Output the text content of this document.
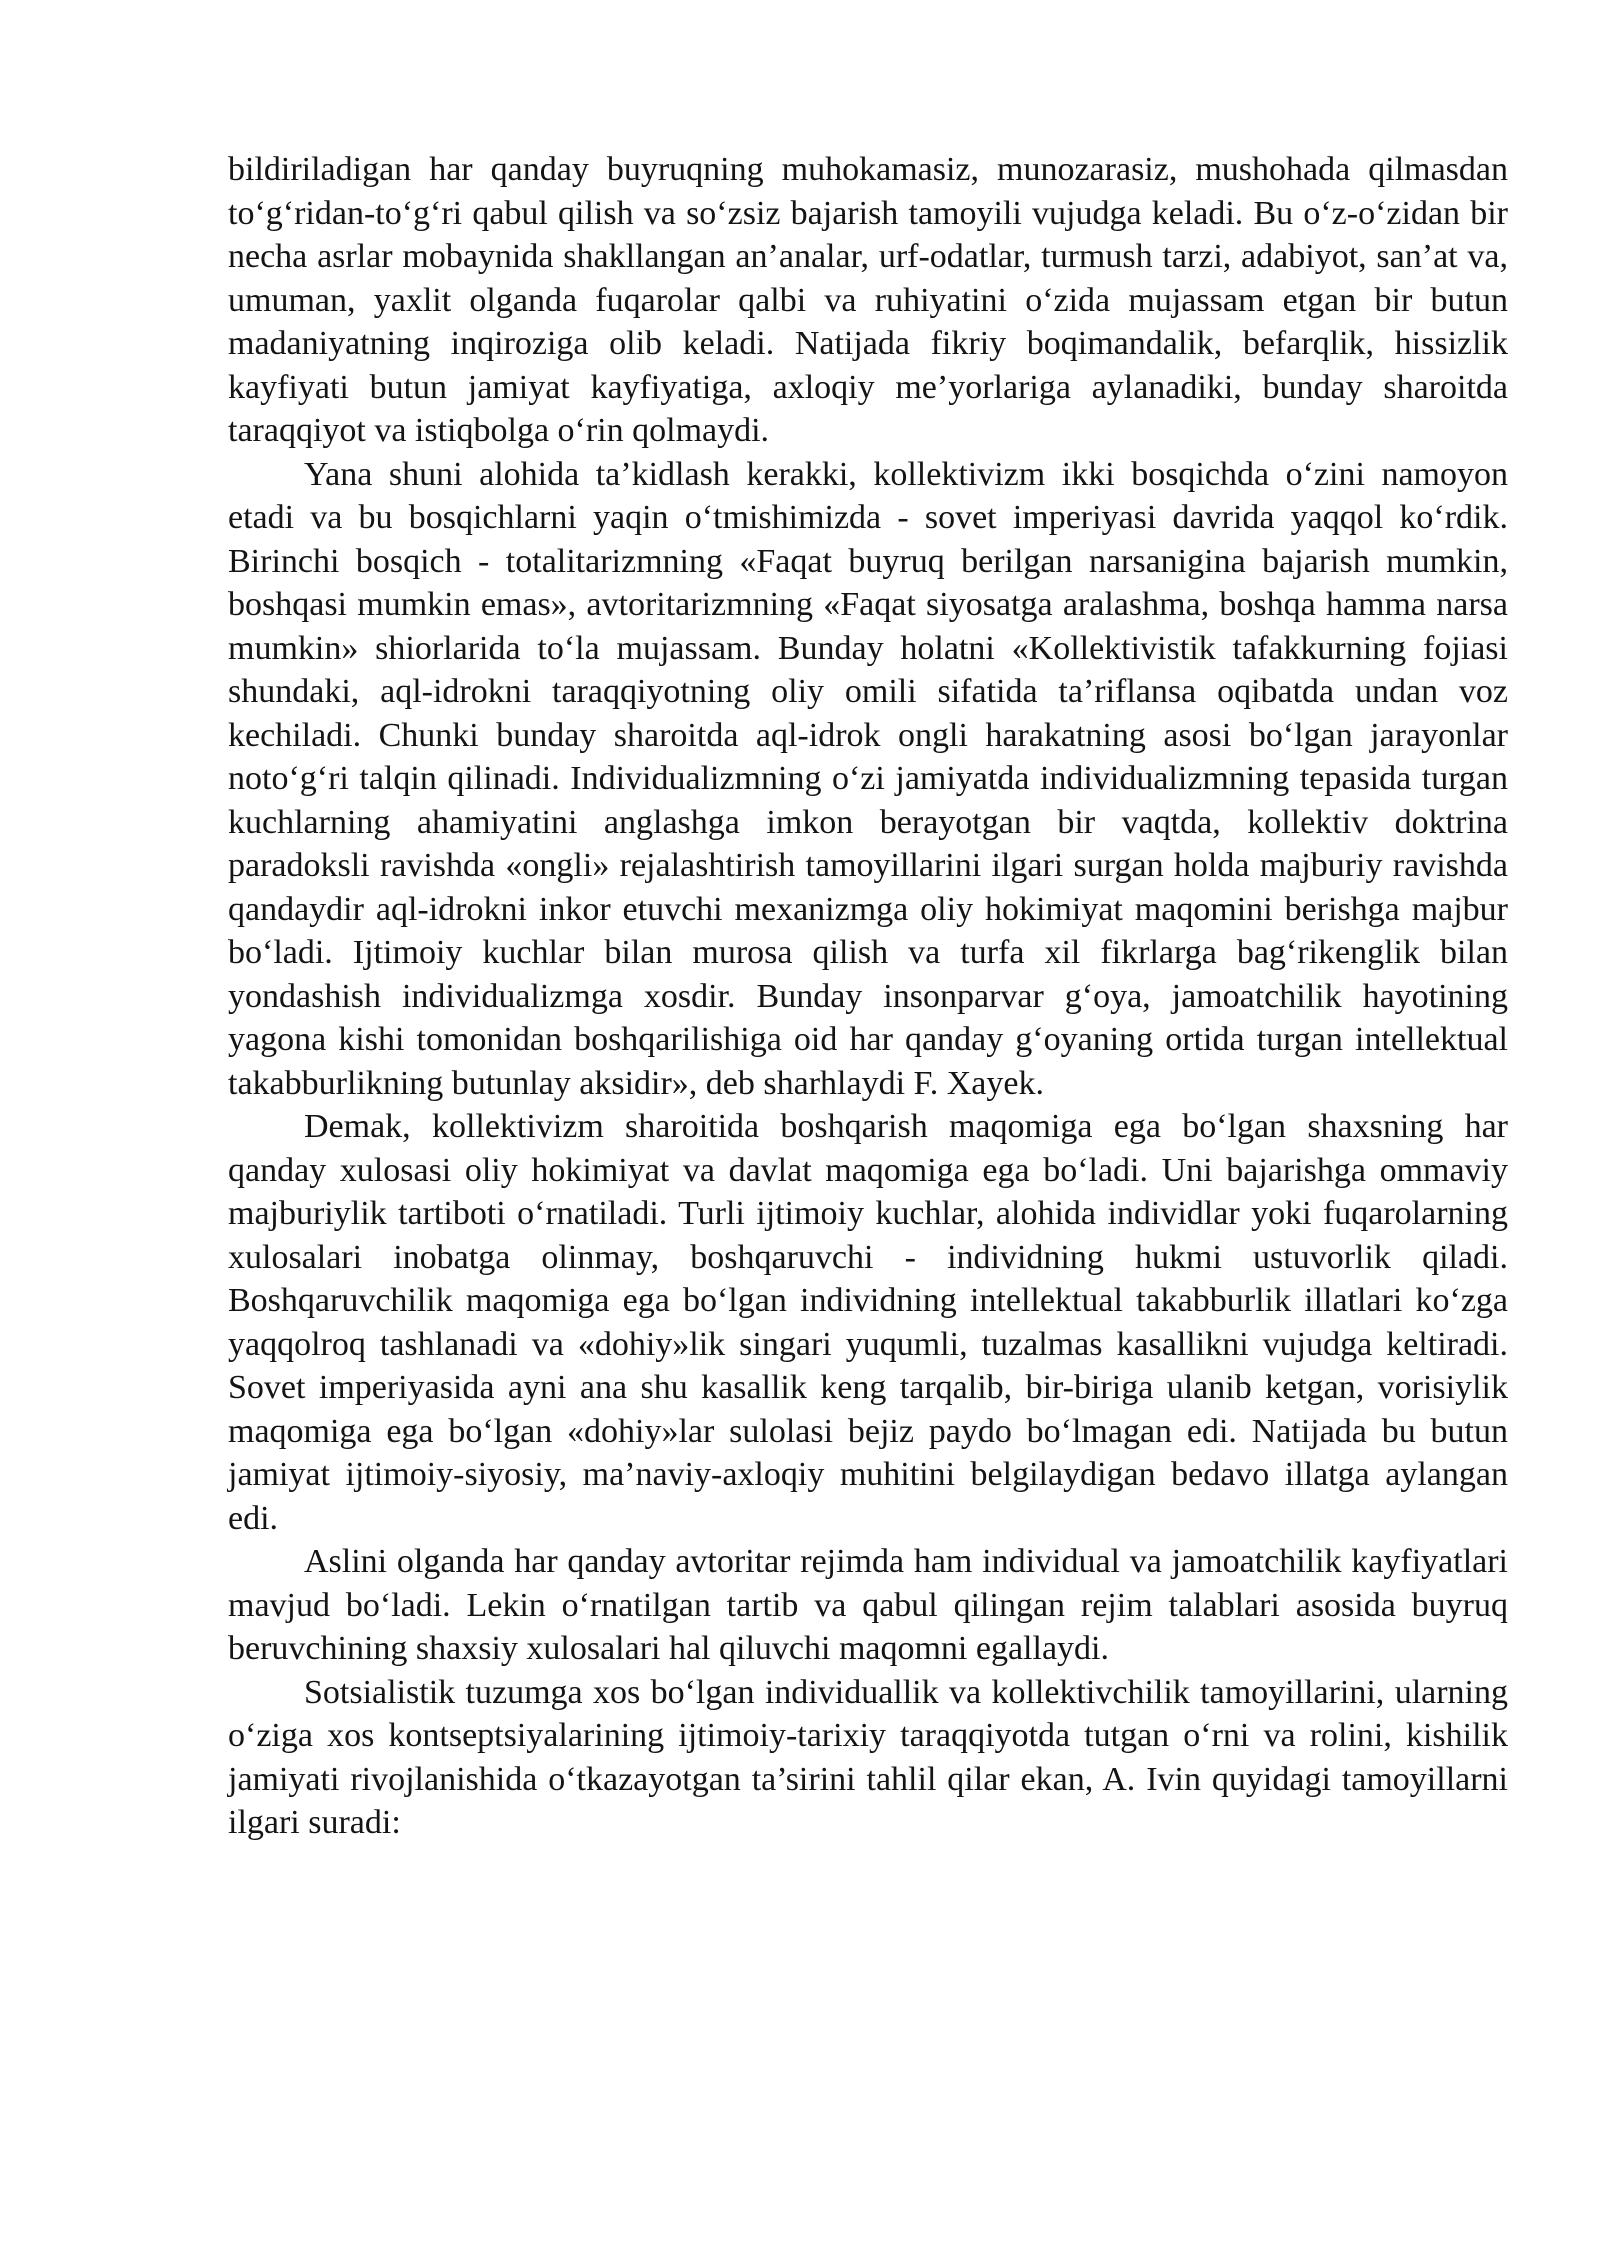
bildiriladigan har qanday buyruqning muhokamasiz, munozarasiz, mushohada qilmasdan to‘g‘ridan-to‘g‘ri qabul qilish va so‘zsiz bajarish tamoyili vujudga keladi. Bu o‘z-o‘zidan bir necha asrlar mobaynida shakllangan an’analar, urf-odatlar, turmush tarzi, adabiyot, san’at va, umuman, yaxlit olganda fuqarolar qalbi va ruhiyatini o‘zida mujassam etgan bir butun madaniyatning inqiroziga olib keladi. Natijada fikriy boqimandalik, befarqlik, hissizlik kayfiyati butun jamiyat kayfiyatiga, axloqiy me’yorlariga aylanadiki, bunday sharoitda taraqqiyot va istiqbolga o‘rin qolmaydi.

Yana shuni alohida ta’kidlash kerakki, kollektivizm ikki bosqichda o‘zini namoyon etadi va bu bosqichlarni yaqin o‘tmishimizda - sovet imperiyasi davrida yaqqol ko‘rdik. Birinchi bosqich - totalitarizmning «Faqat buyruq berilgan narsanigina bajarish mumkin, boshqasi mumkin emas», avtoritarizmning «Faqat siyosatga aralashma, boshqa hamma narsa mumkin» shiorlarida to‘la mujassam. Bunday holatni «Kollektivistik tafakkurning fojiasi shundaki, aql-idrokni taraqqiyotning oliy omili sifatida ta’riflansa oqibatda undan voz kechiladi. Chunki bunday sharoitda aql-idrok ongli harakatning asosi bo‘lgan jarayonlar noto‘g‘ri talqin qilinadi. Individualizmning o‘zi jamiyatda individualizmning tepasida turgan kuchlarning ahamiyatini anglashga imkon berayotgan bir vaqtda, kollektiv doktrina paradoksli ravishda «ongli» rejalashtirish tamoyillarini ilgari surgan holda majburiy ravishda qandaydir aql-idrokni inkor etuvchi mexanizmga oliy hokimiyat maqomini berishga majbur bo‘ladi. Ijtimoiy kuchlar bilan murosa qilish va turfa xil fikrlarga bag‘rikenglik bilan yondashish individualizmga xosdir. Bunday insonparvar g‘oya, jamoatchilik hayotining yagona kishi tomonidan boshqarilishiga oid har qanday g‘oyaning ortida turgan intellektual takabburlikning butunlay aksidir», deb sharhlaydi F. Xayek.

Demak, kollektivizm sharoitida boshqarish maqomiga ega bo‘lgan shaxsning har qanday xulosasi oliy hokimiyat va davlat maqomiga ega bo‘ladi. Uni bajarishga ommaviy majburiylik tartiboti o‘rnatiladi. Turli ijtimoiy kuchlar, alohida individlar yoki fuqarolarning xulosalari inobatga olinmay, boshqaruvchi - individning hukmi ustuvorlik qiladi. Boshqaruvchilik maqomiga ega bo‘lgan individning intellektual takabburlik illatlari ko‘zga yaqqolroq tashlanadi va «dohiy»lik singari yuqumli, tuzalmas kasallikni vujudga keltiradi. Sovet imperiyasida ayni ana shu kasallik keng tarqalib, bir-biriga ulanib ketgan, vorisiylik maqomiga ega bo‘lgan «dohiy»lar sulolasi bejiz paydo bo‘lmagan edi. Natijada bu butun jamiyat ijtimoiy-siyosiy, ma’naviy-axloqiy muhitini belgilaydigan bedavo illatga aylangan edi.

Aslini olganda har qanday avtoritar rejimda ham individual va jamoatchilik kayfiyatlari mavjud bo‘ladi. Lekin o‘rnatilgan tartib va qabul qilingan rejim talablari asosida buyruq beruvchining shaxsiy xulosalari hal qiluvchi maqomni egallaydi.

Sotsialistik tuzumga xos bo‘lgan individuallik va kollektivchilik tamoyillarini, ularning o‘ziga xos kontseptsiyalarining ijtimoiy-tarixiy taraqqiyotda tutgan o‘rni va rolini, kishilik jamiyati rivojlanishida o‘tkazayotgan ta’sirini tahlil qilar ekan, A. Ivin quyidagi tamoyillarni ilgari suradi:
